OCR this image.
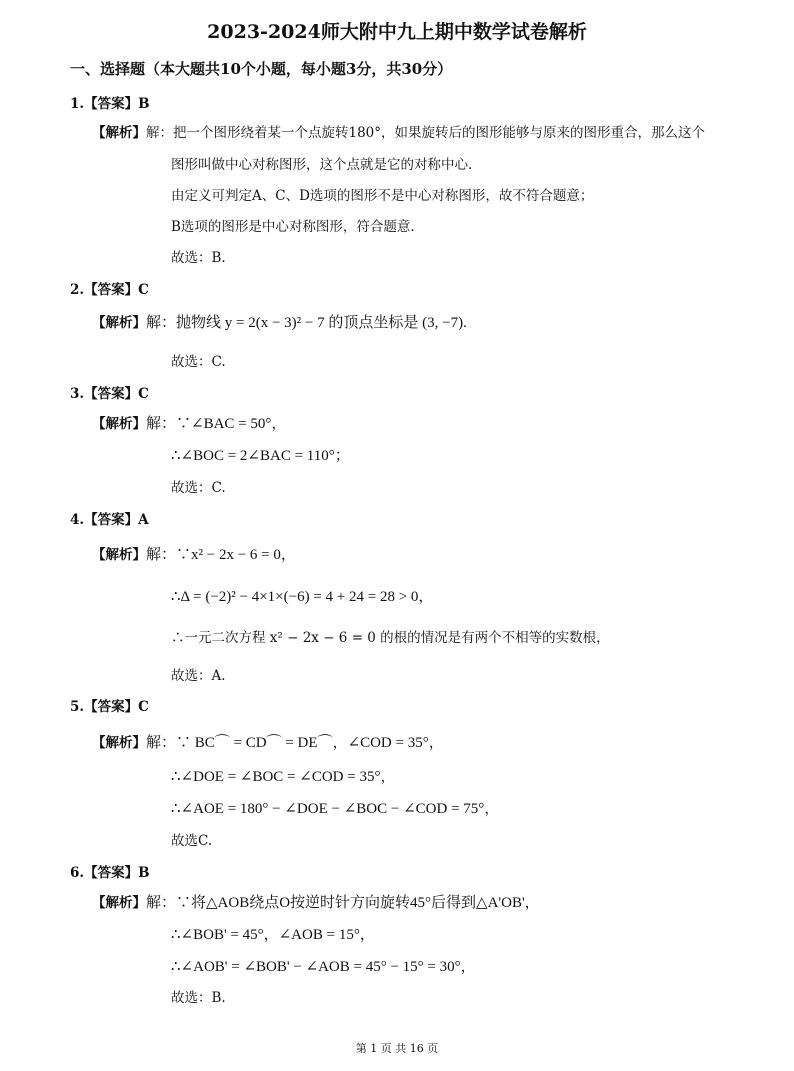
2023-2024师大附中九上期中数学试卷解析
一、选择题（本大题共10个小题，每小题3分，共30分）
1.【答案】B
【解析】解：把一个图形绕着某一个点旋转180°，如果旋转后的图形能够与原来的图形重合，那么这个
图形叫做中心对称图形，这个点就是它的对称中心.
由定义可判定A、C、D选项的图形不是中心对称图形，故不符合题意；
B选项的图形是中心对称图形，符合题意.
故选：B.
2.【答案】C
【解析】解：抛物线 y = 2(x − 3)² − 7 的顶点坐标是 (3, −7).
故选：C.
3.【答案】C
【解析】解：∵∠BAC = 50°，
∴∠BOC = 2∠BAC = 110°；
故选：C.
4.【答案】A
【解析】解：∵x² − 2x − 6 = 0，
∴Δ = (−2)² − 4×1×(−6) = 4 + 24 = 28 > 0，
∴一元二次方程 x² − 2x − 6 = 0 的根的情况是有两个不相等的实数根，
故选：A.
5.【答案】C
【解析】解：∵ BC⌒ = CD⌒ = DE⌒，∠COD = 35°，
∴∠DOE = ∠BOC = ∠COD = 35°，
∴∠AOE = 180° − ∠DOE − ∠BOC − ∠COD = 75°，
故选C.
6.【答案】B
【解析】解：∵将△AOB绕点O按逆时针方向旋转45°后得到△A'OB'，
∴∠BOB' = 45°，∠AOB = 15°，
∴∠AOB' = ∠BOB' − ∠AOB = 45° − 15° = 30°，
故选：B.
第 1 页 共 16 页
